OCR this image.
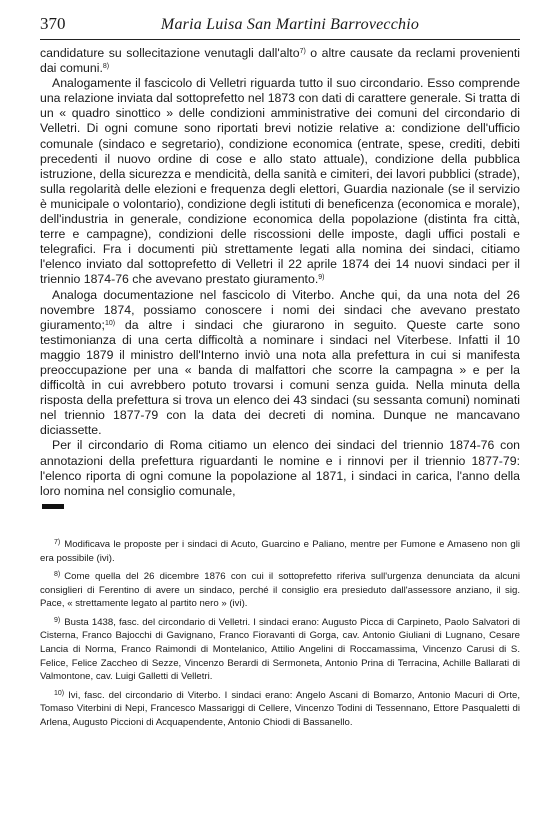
370	Maria Luisa San Martini Barrovecchio

candidature su sollecitazione venutagli dall'alto$^{7)}$ o altre causate da reclami provenienti dai comuni.$^{8)}$

Analogamente il fascicolo di Velletri riguarda tutto il suo circondario. Esso comprende una relazione inviata dal sottoprefetto nel 1873 con dati di carattere generale. Si tratta di un « quadro sinottico » delle condizioni amministrative dei comuni del circondario di Velletri. Di ogni comune sono riportati brevi notizie relative a: condizione dell'ufficio comunale (sindaco e segretario), condizione economica (entrate, spese, crediti, debiti precedenti il nuovo ordine di cose e allo stato attuale), condizione della pubblica istruzione, della sicurezza e mendicità, della sanità e cimiteri, dei lavori pubblici (strade), sulla regolarità delle elezioni e frequenza degli elettori, Guardia nazionale (se il servizio è municipale o volontario), condizione degli istituti di beneficenza (economica e morale), dell'industria in generale, condizione economica della popolazione (distinta fra città, terre e campagne), condizioni delle riscossioni delle imposte, dagli uffici postali e telegrafici. Fra i documenti più strettamente legati alla nomina dei sindaci, citiamo l'elenco inviato dal sottoprefetto di Velletri il 22 aprile 1874 dei 14 nuovi sindaci per il triennio 1874-76 che avevano prestato giuramento.$^{9)}$

Analoga documentazione nel fascicolo di Viterbo. Anche qui, da una nota del 26 novembre 1874, possiamo conoscere i nomi dei sindaci che avevano prestato giuramento;$^{10)}$ da altre i sindaci che giurarono in seguito. Queste carte sono testimonianza di una certa difficoltà a nominare i sindaci nel Viterbese. Infatti il 10 maggio 1879 il ministro dell'Interno inviò una nota alla prefettura in cui si manifesta preoccupazione per una « banda di malfattori che scorre la campagna » e per la difficoltà in cui avrebbero potuto trovarsi i comuni senza guida. Nella minuta della risposta della prefettura si trova un elenco dei 43 sindaci (su sessanta comuni) nominati nel triennio 1877-79 con la data dei decreti di nomina. Dunque ne mancavano diciassette.

Per il circondario di Roma citiamo un elenco dei sindaci del triennio 1874-76 con annotazioni della prefettura riguardanti le nomine e i rinnovi per il triennio 1877-79: l'elenco riporta di ogni comune la popolazione al 1871, i sindaci in carica, l'anno della loro nomina nel consiglio comunale,

$^{7)}$ Modificava le proposte per i sindaci di Acuto, Guarcino e Paliano, mentre per Fumone e Amaseno non gli era possibile (ivi).

$^{8)}$ Come quella del 26 dicembre 1876 con cui il sottoprefetto riferiva sull'urgenza denunciata da alcuni consiglieri di Ferentino di avere un sindaco, perché il consiglio era presieduto dall'assessore anziano, il sig. Pace, « strettamente legato al partito nero » (ivi).

$^{9)}$ Busta 1438, fasc. del circondario di Velletri. I sindaci erano: Augusto Picca di Carpineto, Paolo Salvatori di Cisterna, Franco Bajocchi di Gavignano, Franco Fioravanti di Gorga, cav. Antonio Giuliani di Lugnano, Cesare Lancia di Norma, Franco Raimondi di Montelanico, Attilio Angelini di Roccamassima, Vincenzo Carusi di S. Felice, Felice Zaccheo di Sezze, Vincenzo Berardi di Sermoneta, Antonio Prina di Terracina, Achille Ballarati di Valmontone, cav. Luigi Galletti di Velletri.

$^{10)}$ Ivi, fasc. del circondario di Viterbo. I sindaci erano: Angelo Ascani di Bomarzo, Antonio Macuri di Orte, Tomaso Viterbini di Nepi, Francesco Massariggi di Cellere, Vincenzo Todini di Tessennano, Ettore Pasqualetti di Arlena, Augusto Piccioni di Acquapendente, Antonio Chiodi di Bassanello.
